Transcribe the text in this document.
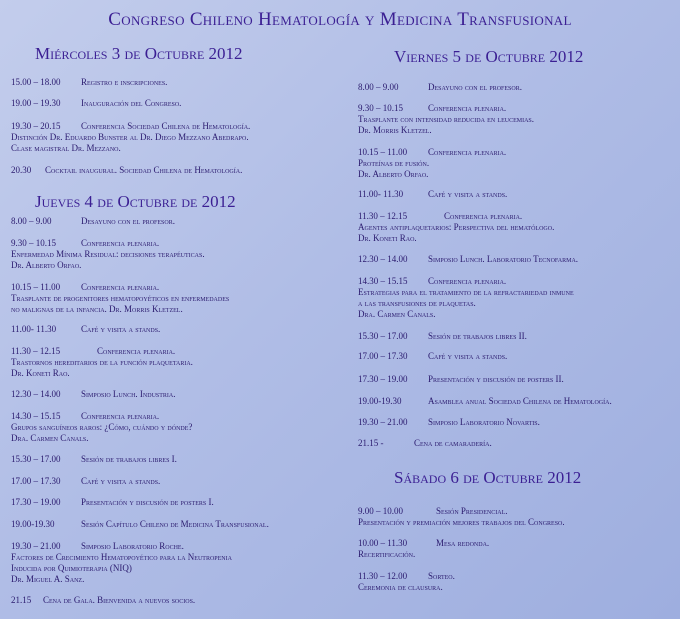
Congreso Chileno Hematología y Medicina Transfusional
Miércoles 3 de Octubre 2012
15.00 – 18.00 Registro e inscripciones.
19.00 – 19.30 Inauguración del Congreso.
19.30 – 20.15 Conferencia Sociedad Chilena de Hematología.
Distinción Dr. Eduardo Bunster al Dr. Diego Mezzano Abedrapo.
Clase magistral Dr. Mezzano.
20.30 Cocktail inaugural. Sociedad Chilena de Hematología.
Jueves 4 de Octubre de 2012
8.00 – 9.00	Desayuno con el profesor.
9.30 – 10.15	Conferencia plenaria.
Enfermedad Mínima Residual: decisiones terapéuticas.
Dr. Alberto Orfao.
10.15 – 11.00 Conferencia plenaria.
Trasplante de progenitores hematopoyéticos en enfermedades
no malignas de la infancia. Dr. Morris Kletzel.
11.00- 11.30	Café y visita a stands.
11.30 – 12.15	Conferencia plenaria.
Trastornos hereditarios de la función plaquetaria.
Dr. Koneti Rao.
12.30 – 14.00 Simposio Lunch. Industria.
14.30 – 15.15 Conferencia plenaria.
Grupos sanguíneos raros: ¿Cómo, cuándo y dónde?
Dra. Carmen Canals.
15.30 – 17.00 Sesión de trabajos libres I.
17.00 – 17.30 Café y visita a stands.
17.30 – 19.00 Presentación y discusión de posters I.
19.00-19.30	Sesión Capítulo Chileno de Medicina Transfusional.
19.30 – 21.00 Simposio Laboratorio Roche.
Factores de Crecimiento Hematopoyético para la Neutropenia
Inducida por Quimioterapia (NIQ)
Dr. Miguel A. Sanz.
21.15 Cena de Gala. Bienvenida a nuevos socios.
Viernes 5 de Octubre 2012
8.00 – 9.00	Desayuno con el profesor.
9.30 – 10.15	Conferencia plenaria.
Trasplante con intensidad reducida en leucemias.
Dr. Morris Kletzel.
10.15 – 11.00 Conferencia plenaria.
Proteínas de fusión.
Dr. Alberto Orfao.
11.00- 11.30	Café y visita a stands.
11.30 – 12.15	Conferencia plenaria.
Agentes antiplaquetarios: Perspectiva del hematólogo.
Dr. Koneti Rao.
12.30 – 14.00 Simposio Lunch. Laboratorio Tecnofarma.
14.30 – 15.15 Conferencia plenaria.
Estrategias para el tratamiento de la refractariedad inmune
a las transfusiones de plaquetas.
Dra. Carmen Canals.
15.30 – 17.00 Sesión de trabajos libres II.
17.00 – 17.30 Café y visita a stands.
17.30 – 19.00 Presentación y discusión de posters II.
19.00-19.30	Asamblea anual Sociedad Chilena de Hematología.
19.30 – 21.00 Simposio Laboratorio Novartis.
21.15 -	Cena de camaradería.
Sábado 6 de Octubre 2012
9.00 – 10.00	Sesión Presidencial.
Presentación y premiación mejores trabajos del Congreso.
10.00 – 11.30	Mesa redonda.
Recertificación.
11.30 – 12.00 Sorteo.
Ceremonia de clausura.
